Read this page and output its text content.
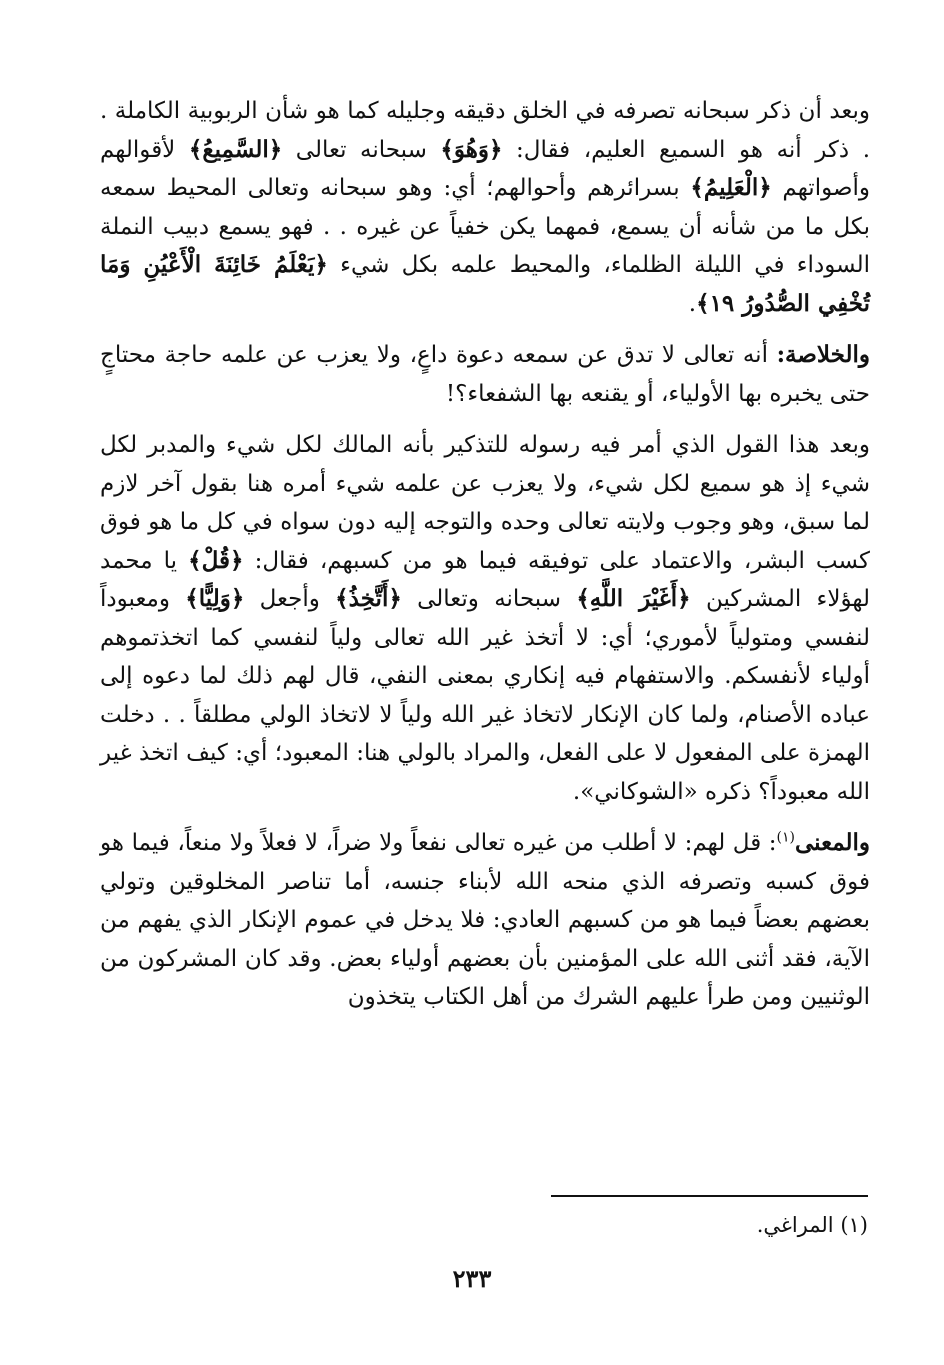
وبعد أن ذكر سبحانه تصرفه في الخلق دقيقه وجليله كما هو شأن الربوبية الكاملة . . ذكر أنه هو السميع العليم، فقال: ﴿وَهُوَ﴾ سبحانه تعالى ﴿السَّمِيعُ﴾ لأقوالهم وأصواتهم ﴿الْعَلِيمُ﴾ بسرائرهم وأحوالهم؛ أي: وهو سبحانه وتعالى المحيط سمعه بكل ما من شأنه أن يسمع، فمهما يكن خفياً عن غيره . . فهو يسمع دبيب النملة السوداء في الليلة الظلماء، والمحيط علمه بكل شيء ﴿يَعْلَمُ خَائِنَةَ الْأَعْيُنِ وَمَا تُخْفِي الصُّدُورُ ١٩﴾.

والخلاصة: أنه تعالى لا تدق عن سمعه دعوة داعٍ، ولا يعزب عن علمه حاجة محتاجٍ حتى يخبره بها الأولياء، أو يقنعه بها الشفعاء؟!

وبعد هذا القول الذي أمر فيه رسوله للتذكير بأنه المالك لكل شيء والمدبر لكل شيء إذ هو سميع لكل شيء، ولا يعزب عن علمه شيء أمره هنا بقول آخر لازم لما سبق، وهو وجوب ولايته تعالى وحده والتوجه إليه دون سواه في كل ما هو فوق كسب البشر، والاعتماد على توفيقه فيما هو من كسبهم، فقال: ﴿قُلْ﴾ يا محمد لهؤلاء المشركين ﴿أَغَيْرَ اللَّهِ﴾ سبحانه وتعالى ﴿أَتَّخِذُ﴾ وأجعل ﴿وَلِيًّا﴾ ومعبوداً لنفسي ومتولياً لأموري؛ أي: لا أتخذ غير الله تعالى ولياً لنفسي كما اتخذتموهم أولياء لأنفسكم. والاستفهام فيه إنكاري بمعنى النفي، قال لهم ذلك لما دعوه إلى عباده الأصنام، ولما كان الإنكار لاتخاذ غير الله ولياً لا لاتخاذ الولي مطلقاً . . دخلت الهمزة على المفعول لا على الفعل، والمراد بالولي هنا: المعبود؛ أي: كيف اتخذ غير الله معبوداً؟ ذكره «الشوكاني».

والمعنى$^{(١)}$: قل لهم: لا أطلب من غيره تعالى نفعاً ولا ضراً، لا فعلاً ولا منعاً، فيما هو فوق كسبه وتصرفه الذي منحه الله لأبناء جنسه، أما تناصر المخلوقين وتولي بعضهم بعضاً فيما هو من كسبهم العادي: فلا يدخل في عموم الإنكار الذي يفهم من الآية، فقد أثنى الله على المؤمنين بأن بعضهم أولياء بعض. وقد كان المشركون من الوثنيين ومن طرأ عليهم الشرك من أهل الكتاب يتخذون

(١) المراغي.
٢٣٣
